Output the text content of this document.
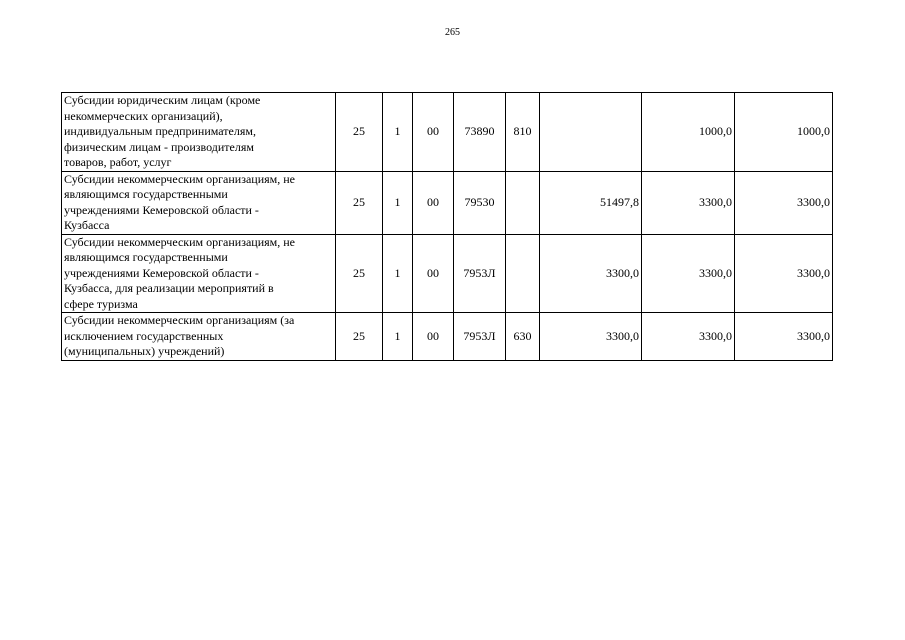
265
Субсидии юридическим лицам (кроме
некоммерческих организаций),
индивидуальным предпринимателям,
физическим лицам - производителям
товаров, работ, услуг	25	1	00	73890	810		1000,0	1000,0

Субсидии некоммерческим организациям, не
являющимся государственными
учреждениями Кемеровской области -
Кузбасса	25	1	00	79530		51497,8	3300,0	3300,0

Субсидии некоммерческим организациям, не
являющимся государственными
учреждениями Кемеровской области -
Кузбасса, для реализации мероприятий в
сфере туризма	25	1	00	7953Л		3300,0	3300,0	3300,0

Субсидии некоммерческим организациям (за
исключением государственных
(муниципальных) учреждений)	25	1	00	7953Л	630	3300,0	3300,0	3300,0
